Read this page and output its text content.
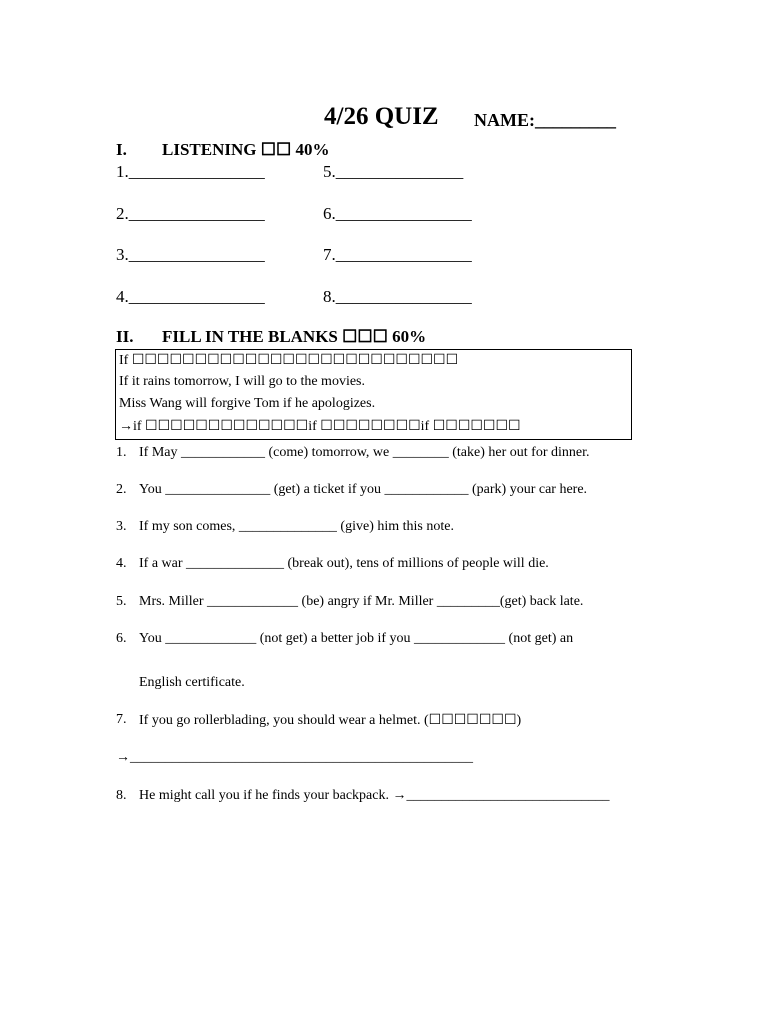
4/26 QUIZ NAME:_________
I. LISTENING ☐☐ 40%
1.________________
2.________________
3.________________
4.________________
5._______________
6.________________
7.________________
8.________________
II. FILL IN THE BLANKS ☐☐☐ 60%
If ☐☐☐☐☐☐☐☐☐☐☐☐☐☐☐☐☐☐☐☐☐☐☐☐☐☐
If it rains tomorrow, I will go to the movies.
Miss Wang will forgive Tom if he apologizes.
→if ☐☐☐☐☐☐☐☐☐☐☐☐☐if ☐☐☐☐☐☐☐☐if ☐☐☐☐☐☐☐
1. If May ____________ (come) tomorrow, we ________ (take) her out for dinner.
2. You _______________ (get) a ticket if you ____________ (park) your car here.
3. If my son comes, ______________ (give) him this note.
4. If a war ______________ (break out), tens of millions of people will die.
5. Mrs. Miller _____________ (be) angry if Mr. Miller _________(get) back late.
6. You _____________ (not get) a better job if you _____________ (not get) an
English certificate.
7. If you go rollerblading, you should wear a helmet. (☐☐☐☐☐☐☐)
→_________________________________________________
8. He might call you if he finds your backpack. →_____________________________
